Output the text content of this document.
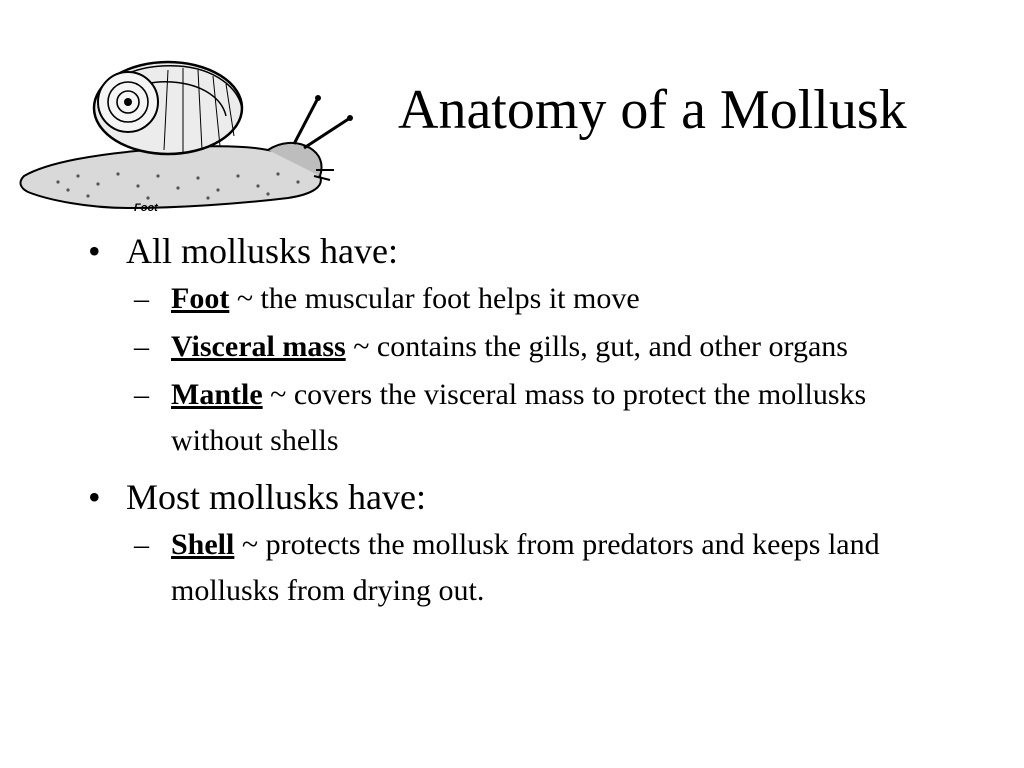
Foot
Anatomy of a Mollusk
• All mollusks have:
– Foot ~ the muscular foot helps it move
– Visceral mass ~ contains the gills, gut, and other organs
– Mantle ~ covers the visceral mass to protect the mollusks without shells
• Most mollusks have:
– Shell ~ protects the mollusk from predators and keeps land mollusks from drying out.
